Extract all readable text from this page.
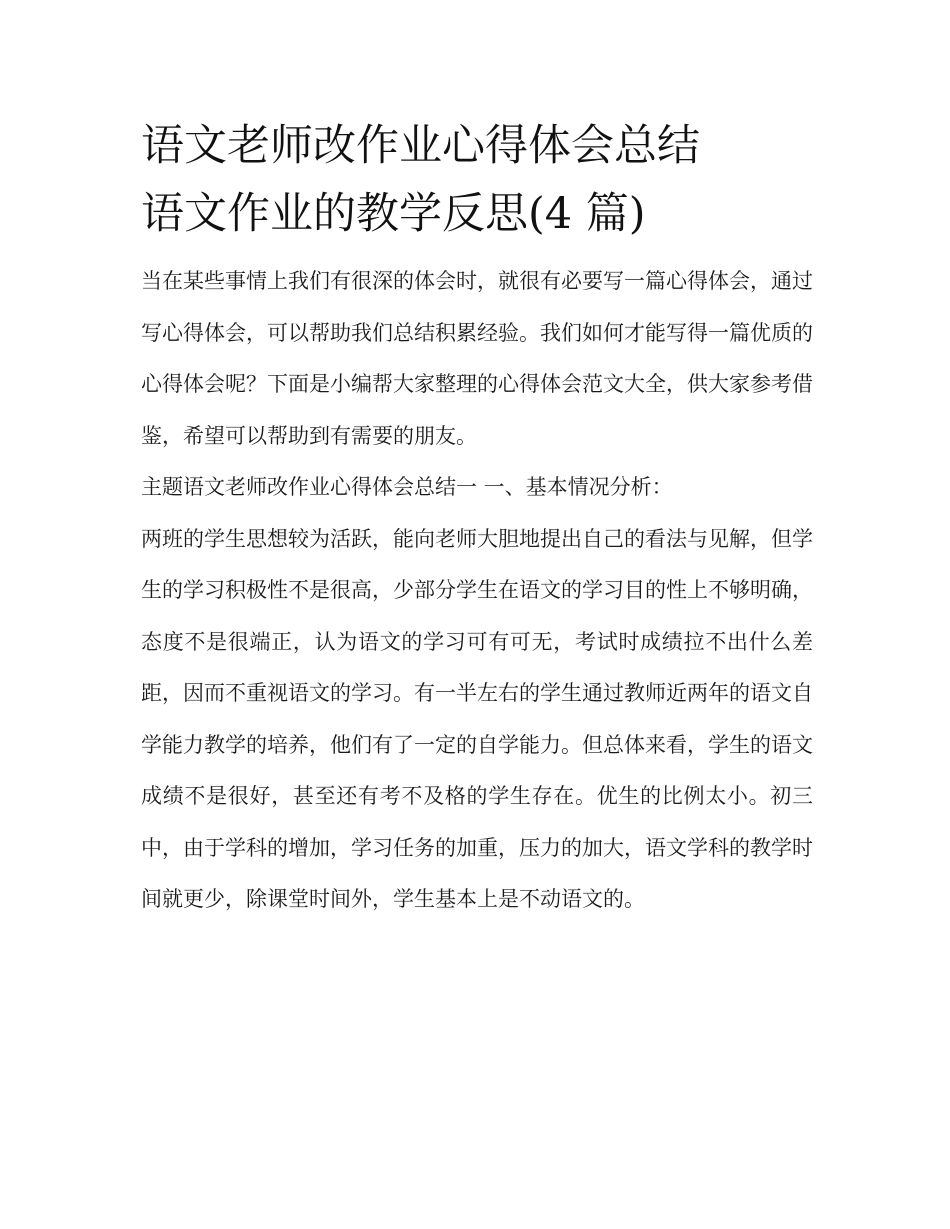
语文老师改作业心得体会总结
语文作业的教学反思(4 篇)

当在某些事情上我们有很深的体会时，就很有必要写一篇心得体会，通过写心得体会，可以帮助我们总结积累经验。我们如何才能写得一篇优质的心得体会呢？下面是小编帮大家整理的心得体会范文大全，供大家参考借鉴，希望可以帮助到有需要的朋友。

主题语文老师改作业心得体会总结一 一、基本情况分析：

两班的学生思想较为活跃，能向老师大胆地提出自己的看法与见解，但学生的学习积极性不是很高，少部分学生在语文的学习目的性上不够明确，态度不是很端正，认为语文的学习可有可无，考试时成绩拉不出什么差距，因而不重视语文的学习。有一半左右的学生通过教师近两年的语文自学能力教学的培养，他们有了一定的自学能力。但总体来看，学生的语文成绩不是很好，甚至还有考不及格的学生存在。优生的比例太小。初三中，由于学科的增加，学习任务的加重，压力的加大，语文学科的教学时间就更少，除课堂时间外，学生基本上是不动语文的。
